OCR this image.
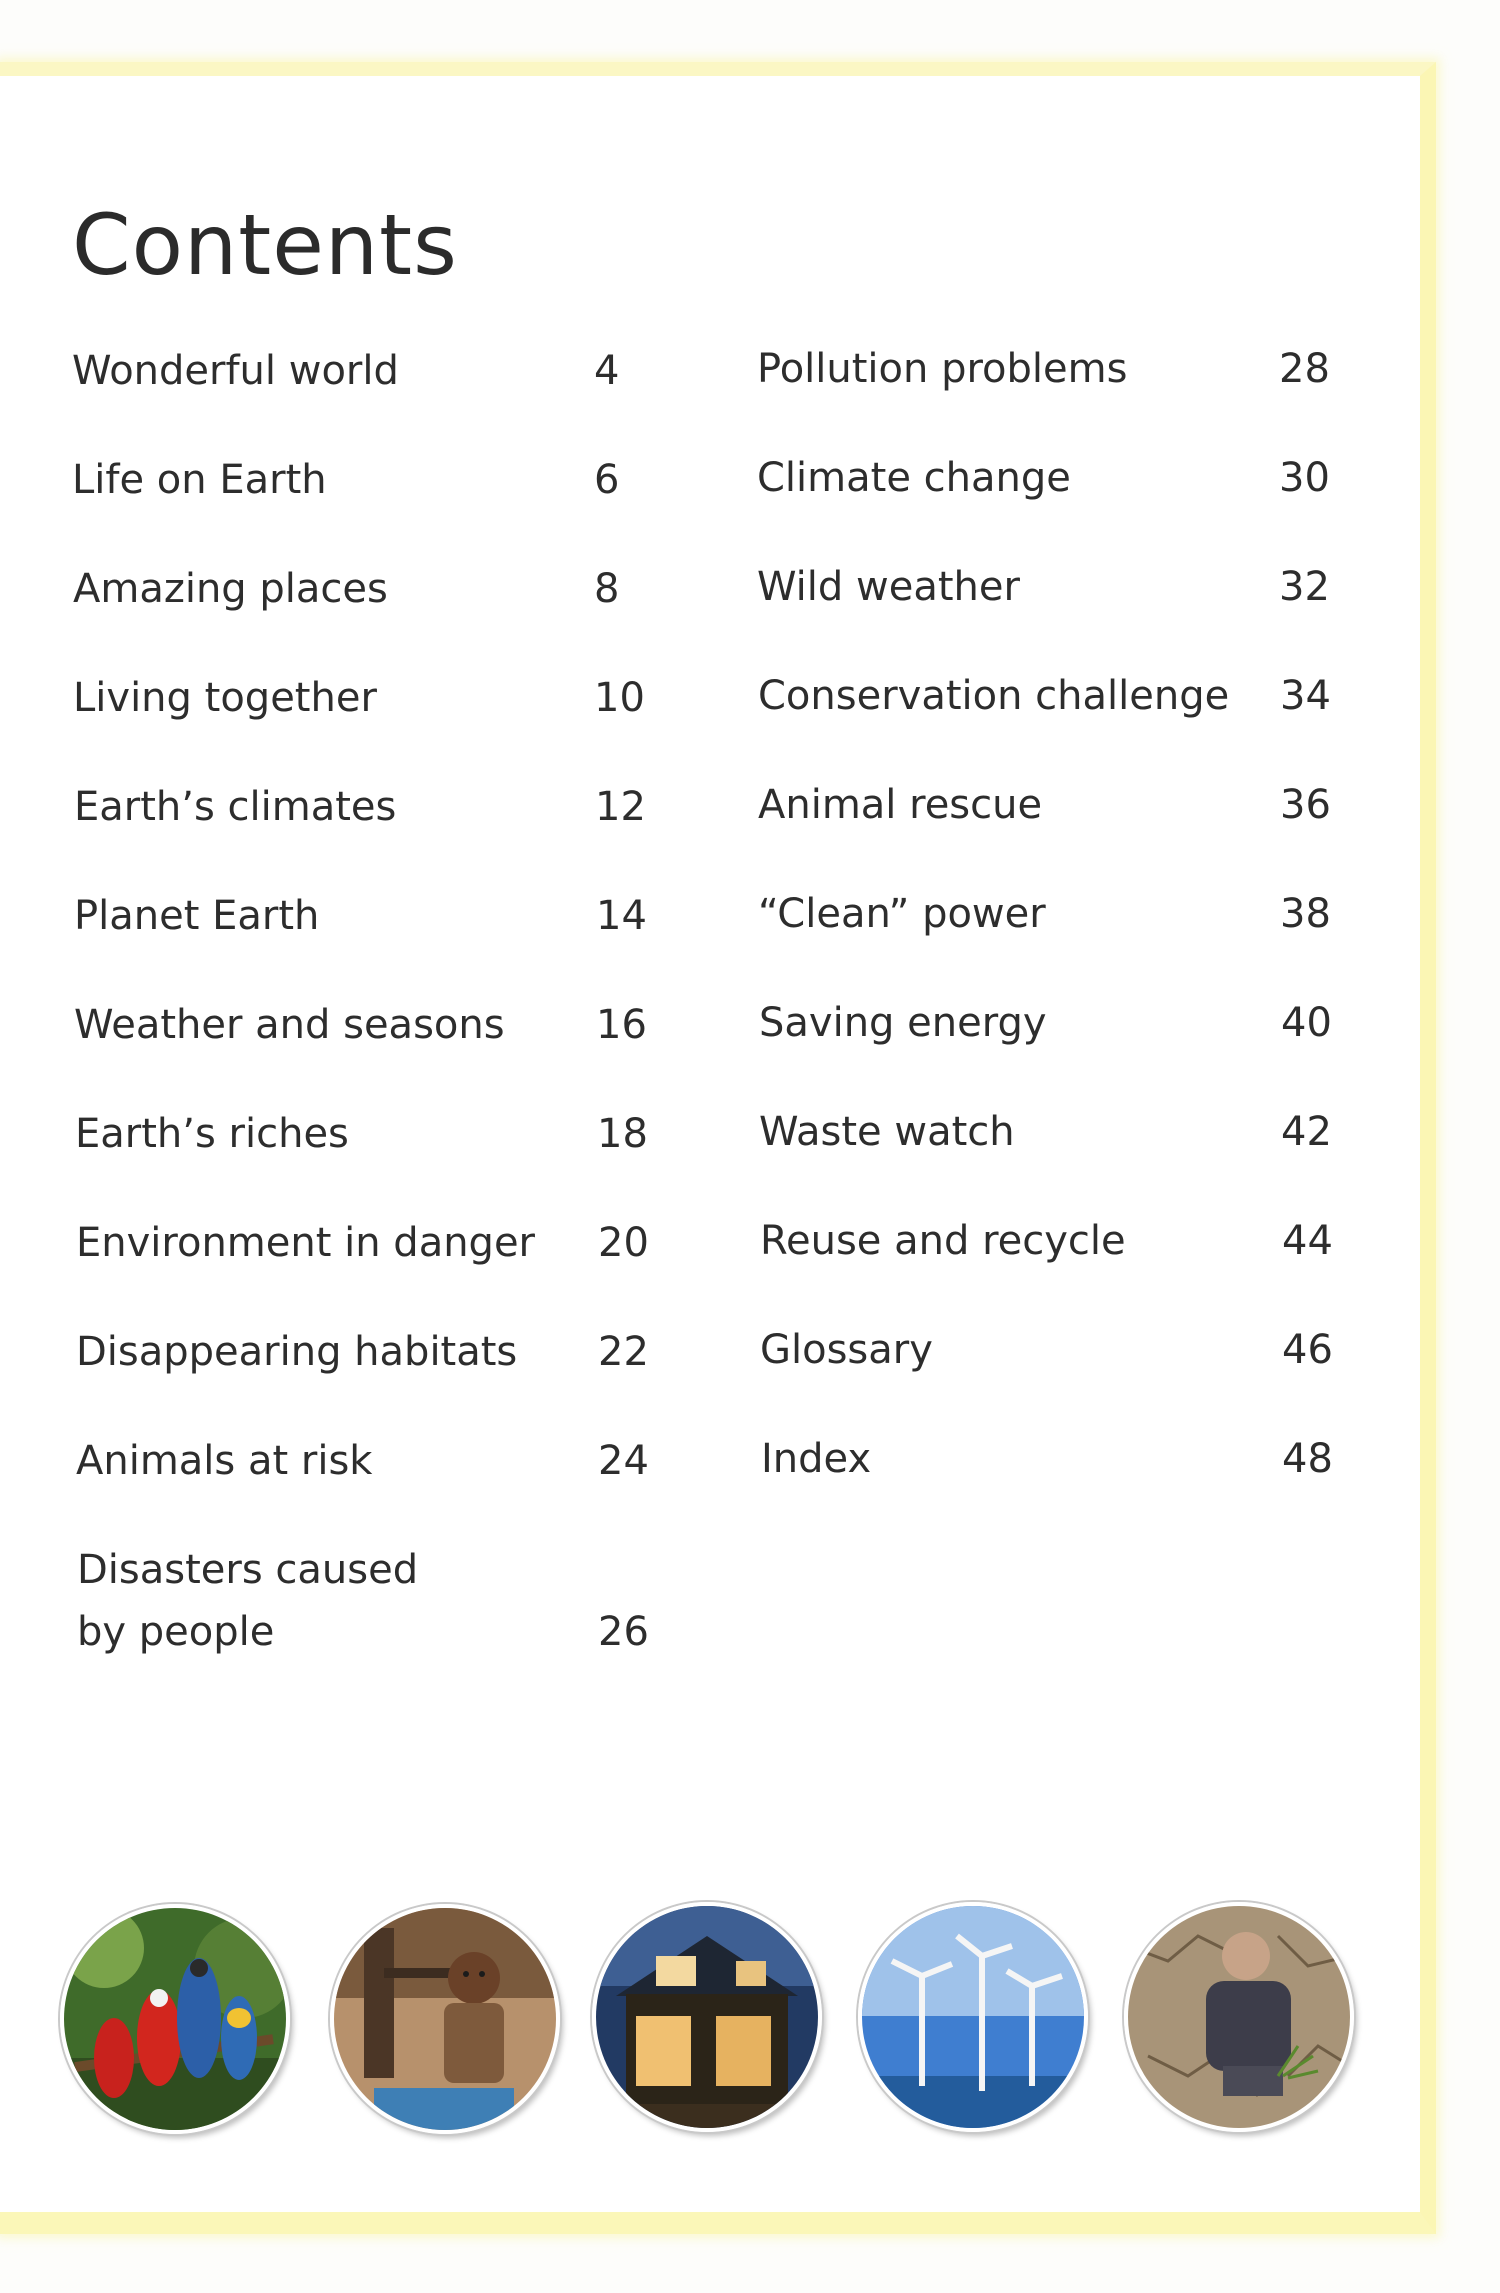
Contents
Wonderful world	4
Life on Earth	6
Amazing places	8
Living together	10
Earth’s climates	12
Planet Earth	14
Weather and seasons 16
Earth’s riches	18
Environment in danger 20
Disappearing habitats 22
Animals at risk	24
Disasters caused
by people	26
Pollution problems	28
Climate change	30
Wild weather	32
Conservation challenge 34
Animal rescue	36
“Clean” power	38
Saving energy	40
Waste watch	42
Reuse and recycle	44
Glossary	46
Index	48
